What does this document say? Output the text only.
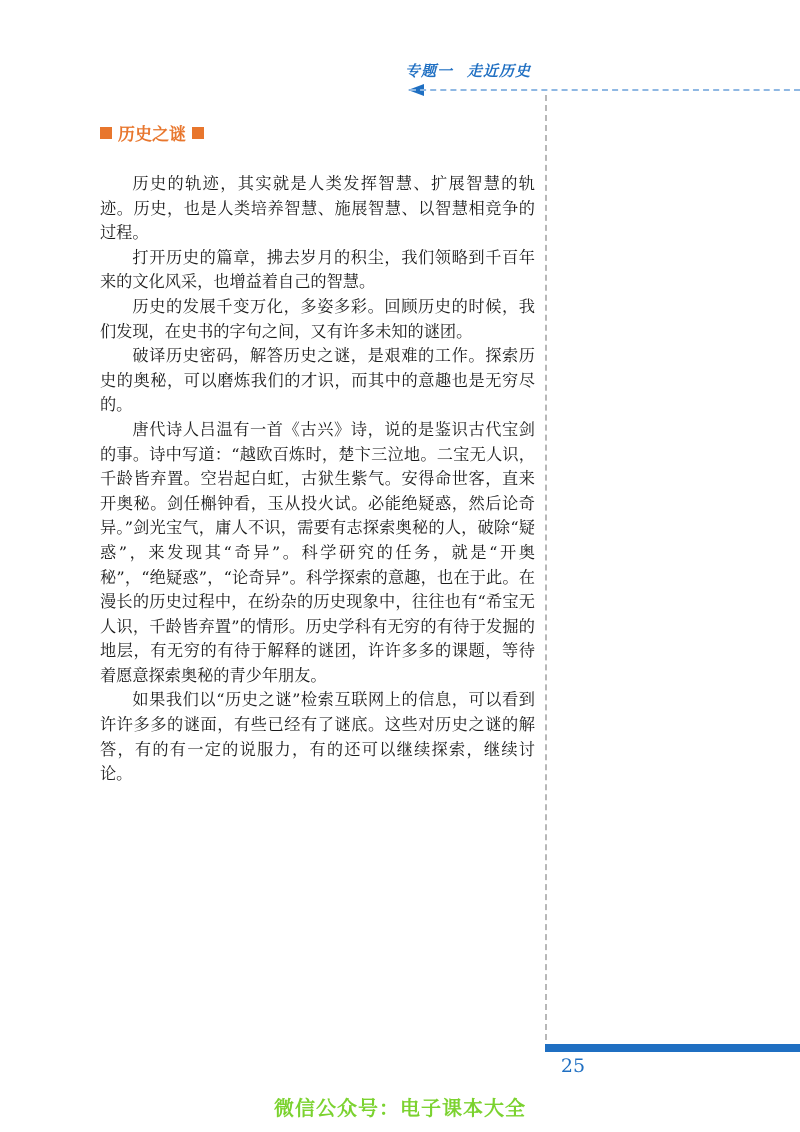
专题一 走近历史
历史之谜

历史的轨迹，其实就是人类发挥智慧、扩展智慧的轨迹。历史，也是人类培养智慧、施展智慧、以智慧相竞争的过程。

打开历史的篇章，拂去岁月的积尘，我们领略到千百年来的文化风采，也增益着自己的智慧。

历史的发展千变万化，多姿多彩。回顾历史的时候，我们发现，在史书的字句之间，又有许多未知的谜团。

破译历史密码，解答历史之谜，是艰难的工作。探索历史的奥秘，可以磨炼我们的才识，而其中的意趣也是无穷尽的。

唐代诗人吕温有一首《古兴》诗，说的是鉴识古代宝剑的事。诗中写道：“越欧百炼时，楚卞三泣地。二宝无人识，千龄皆弃置。空岩起白虹，古狱生紫气。安得命世客，直来开奥秘。剑任槲钟看，玉从投火试。必能绝疑惑，然后论奇异。”剑光宝气，庸人不识，需要有志探索奥秘的人，破除“疑惑”，来发现其“奇异”。科学研究的任务，就是“开奥秘”，“绝疑惑”，“论奇异”。科学探索的意趣，也在于此。在漫长的历史过程中，在纷杂的历史现象中，往往也有“希宝无人识，千龄皆弃置”的情形。历史学科有无穷的有待于发掘的地层，有无穷的有待于解释的谜团，许许多多的课题，等待着愿意探索奥秘的青少年朋友。

如果我们以“历史之谜”检索互联网上的信息，可以看到许许多多的谜面，有些已经有了谜底。这些对历史之谜的解答，有的有一定的说服力，有的还可以继续探索，继续讨论。

25
微信公众号：电子课本大全
